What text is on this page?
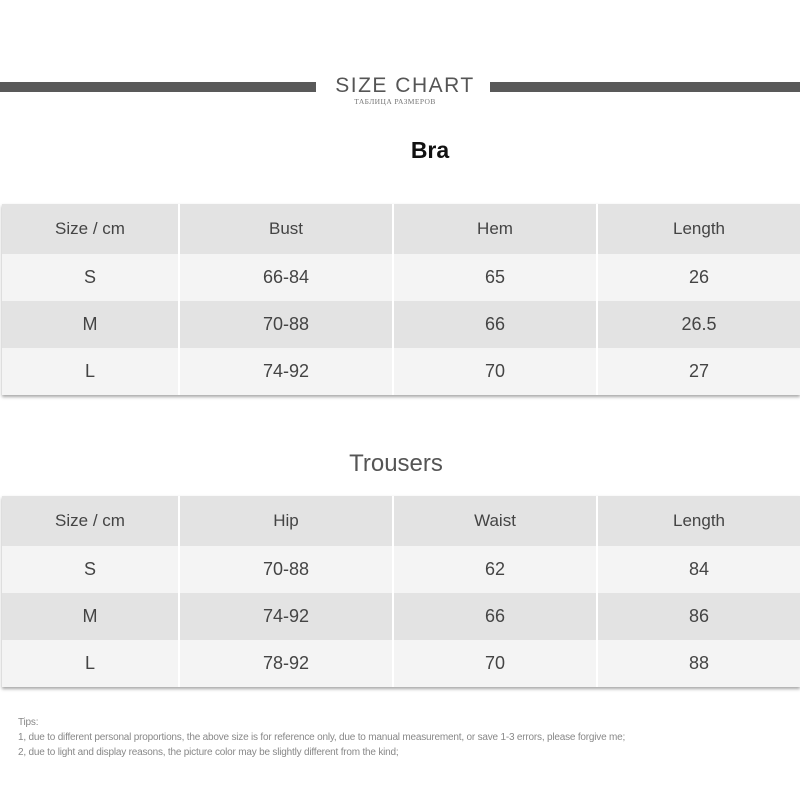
SIZE CHART
ТАБЛИЦА РАЗМЕРОВ
Bra
Size / cm	Bust	Hem	Length
S	66-84	65	26
M	70-88	66	26.5
L	74-92	70	27
Trousers
Size / cm	Hip	Waist	Length
S	70-88	62	84
M	74-92	66	86
L	78-92	70	88
Tips:
1, due to different personal proportions, the above size is for reference only, due to manual measurement, or save 1-3 errors, please forgive me;
2, due to light and display reasons, the picture color may be slightly different from the kind;
